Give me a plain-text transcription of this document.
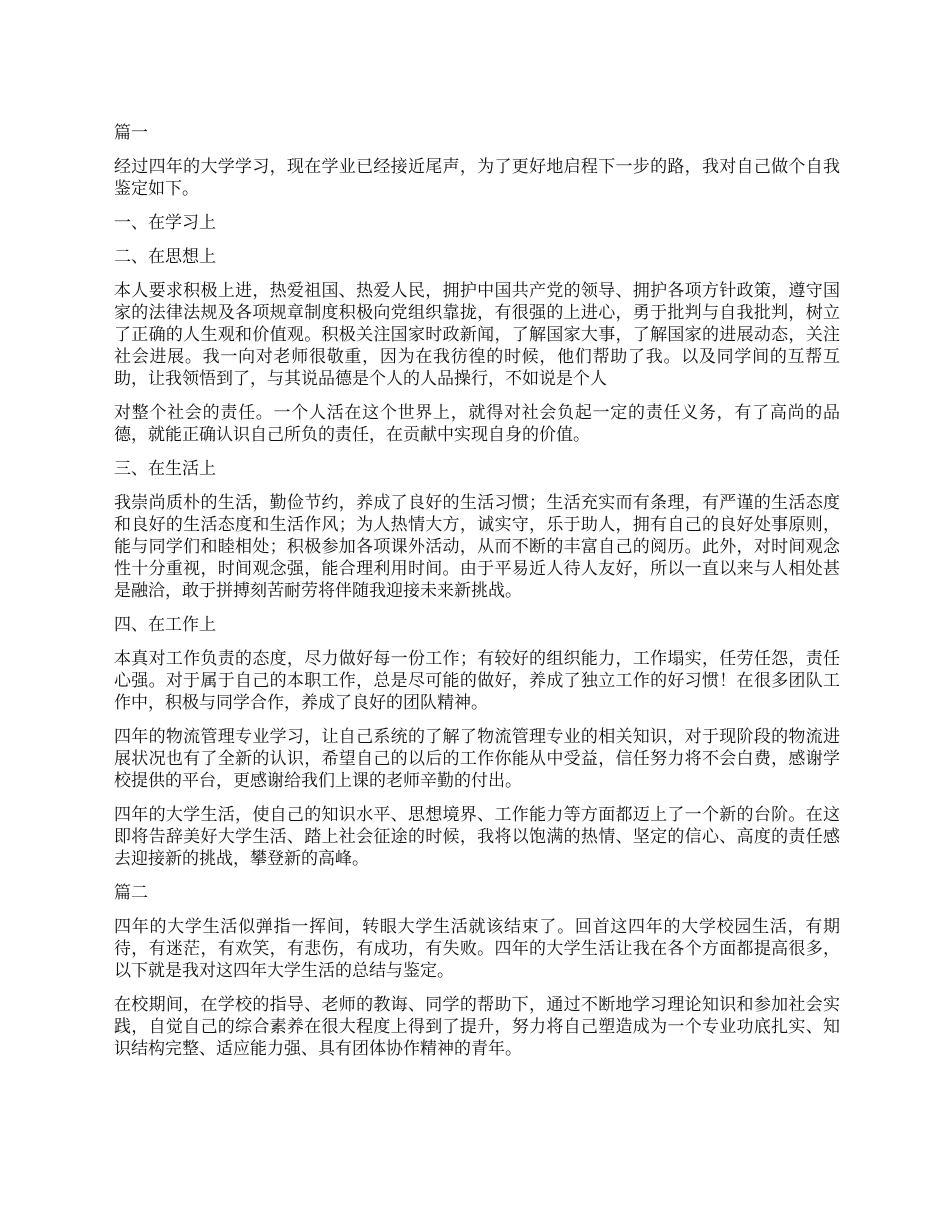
篇一

经过四年的大学学习，现在学业已经接近尾声，为了更好地启程下一步的路，我对自己做个自我鉴定如下。

一、在学习上

二、在思想上

本人要求积极上进，热爱祖国、热爱人民，拥护中国共产党的领导、拥护各项方针政策，遵守国家的法律法规及各项规章制度积极向党组织靠拢，有很强的上进心，勇于批判与自我批判，树立了正确的人生观和价值观。积极关注国家时政新闻，了解国家大事，了解国家的进展动态，关注社会进展。我一向对老师很敬重，因为在我彷徨的时候，他们帮助了我。以及同学间的互帮互助，让我领悟到了，与其说品德是个人的人品操行，不如说是个人

对整个社会的责任。一个人活在这个世界上，就得对社会负起一定的责任义务，有了高尚的品德，就能正确认识自己所负的责任，在贡献中实现自身的价值。

三、在生活上

我崇尚质朴的生活，勤俭节约，养成了良好的生活习惯；生活充实而有条理，有严谨的生活态度和良好的生活态度和生活作风；为人热情大方，诚实守，乐于助人，拥有自己的良好处事原则，能与同学们和睦相处；积极参加各项课外活动，从而不断的丰富自己的阅历。此外，对时间观念性十分重视，时间观念强，能合理利用时间。由于平易近人待人友好，所以一直以来与人相处甚是融洽，敢于拼搏刻苦耐劳将伴随我迎接未来新挑战。

四、在工作上

本真对工作负责的态度，尽力做好每一份工作；有较好的组织能力，工作塌实，任劳任怨，责任心强。对于属于自己的本职工作，总是尽可能的做好，养成了独立工作的好习惯！在很多团队工作中，积极与同学合作，养成了良好的团队精神。

四年的物流管理专业学习，让自己系统的了解了物流管理专业的相关知识，对于现阶段的物流进展状况也有了全新的认识，希望自己的以后的工作你能从中受益，信任努力将不会白费，感谢学校提供的平台，更感谢给我们上课的老师辛勤的付出。

四年的大学生活，使自己的知识水平、思想境界、工作能力等方面都迈上了一个新的台阶。在这即将告辞美好大学生活、踏上社会征途的时候，我将以饱满的热情、坚定的信心、高度的责任感去迎接新的挑战，攀登新的高峰。

篇二

四年的大学生活似弹指一挥间，转眼大学生活就该结束了。回首这四年的大学校园生活，有期待，有迷茫，有欢笑，有悲伤，有成功，有失败。四年的大学生活让我在各个方面都提高很多，以下就是我对这四年大学生活的总结与鉴定。

在校期间，在学校的指导、老师的教诲、同学的帮助下，通过不断地学习理论知识和参加社会实践，自觉自己的综合素养在很大程度上得到了提升，努力将自己塑造成为一个专业功底扎实、知识结构完整、适应能力强、具有团体协作精神的青年。
